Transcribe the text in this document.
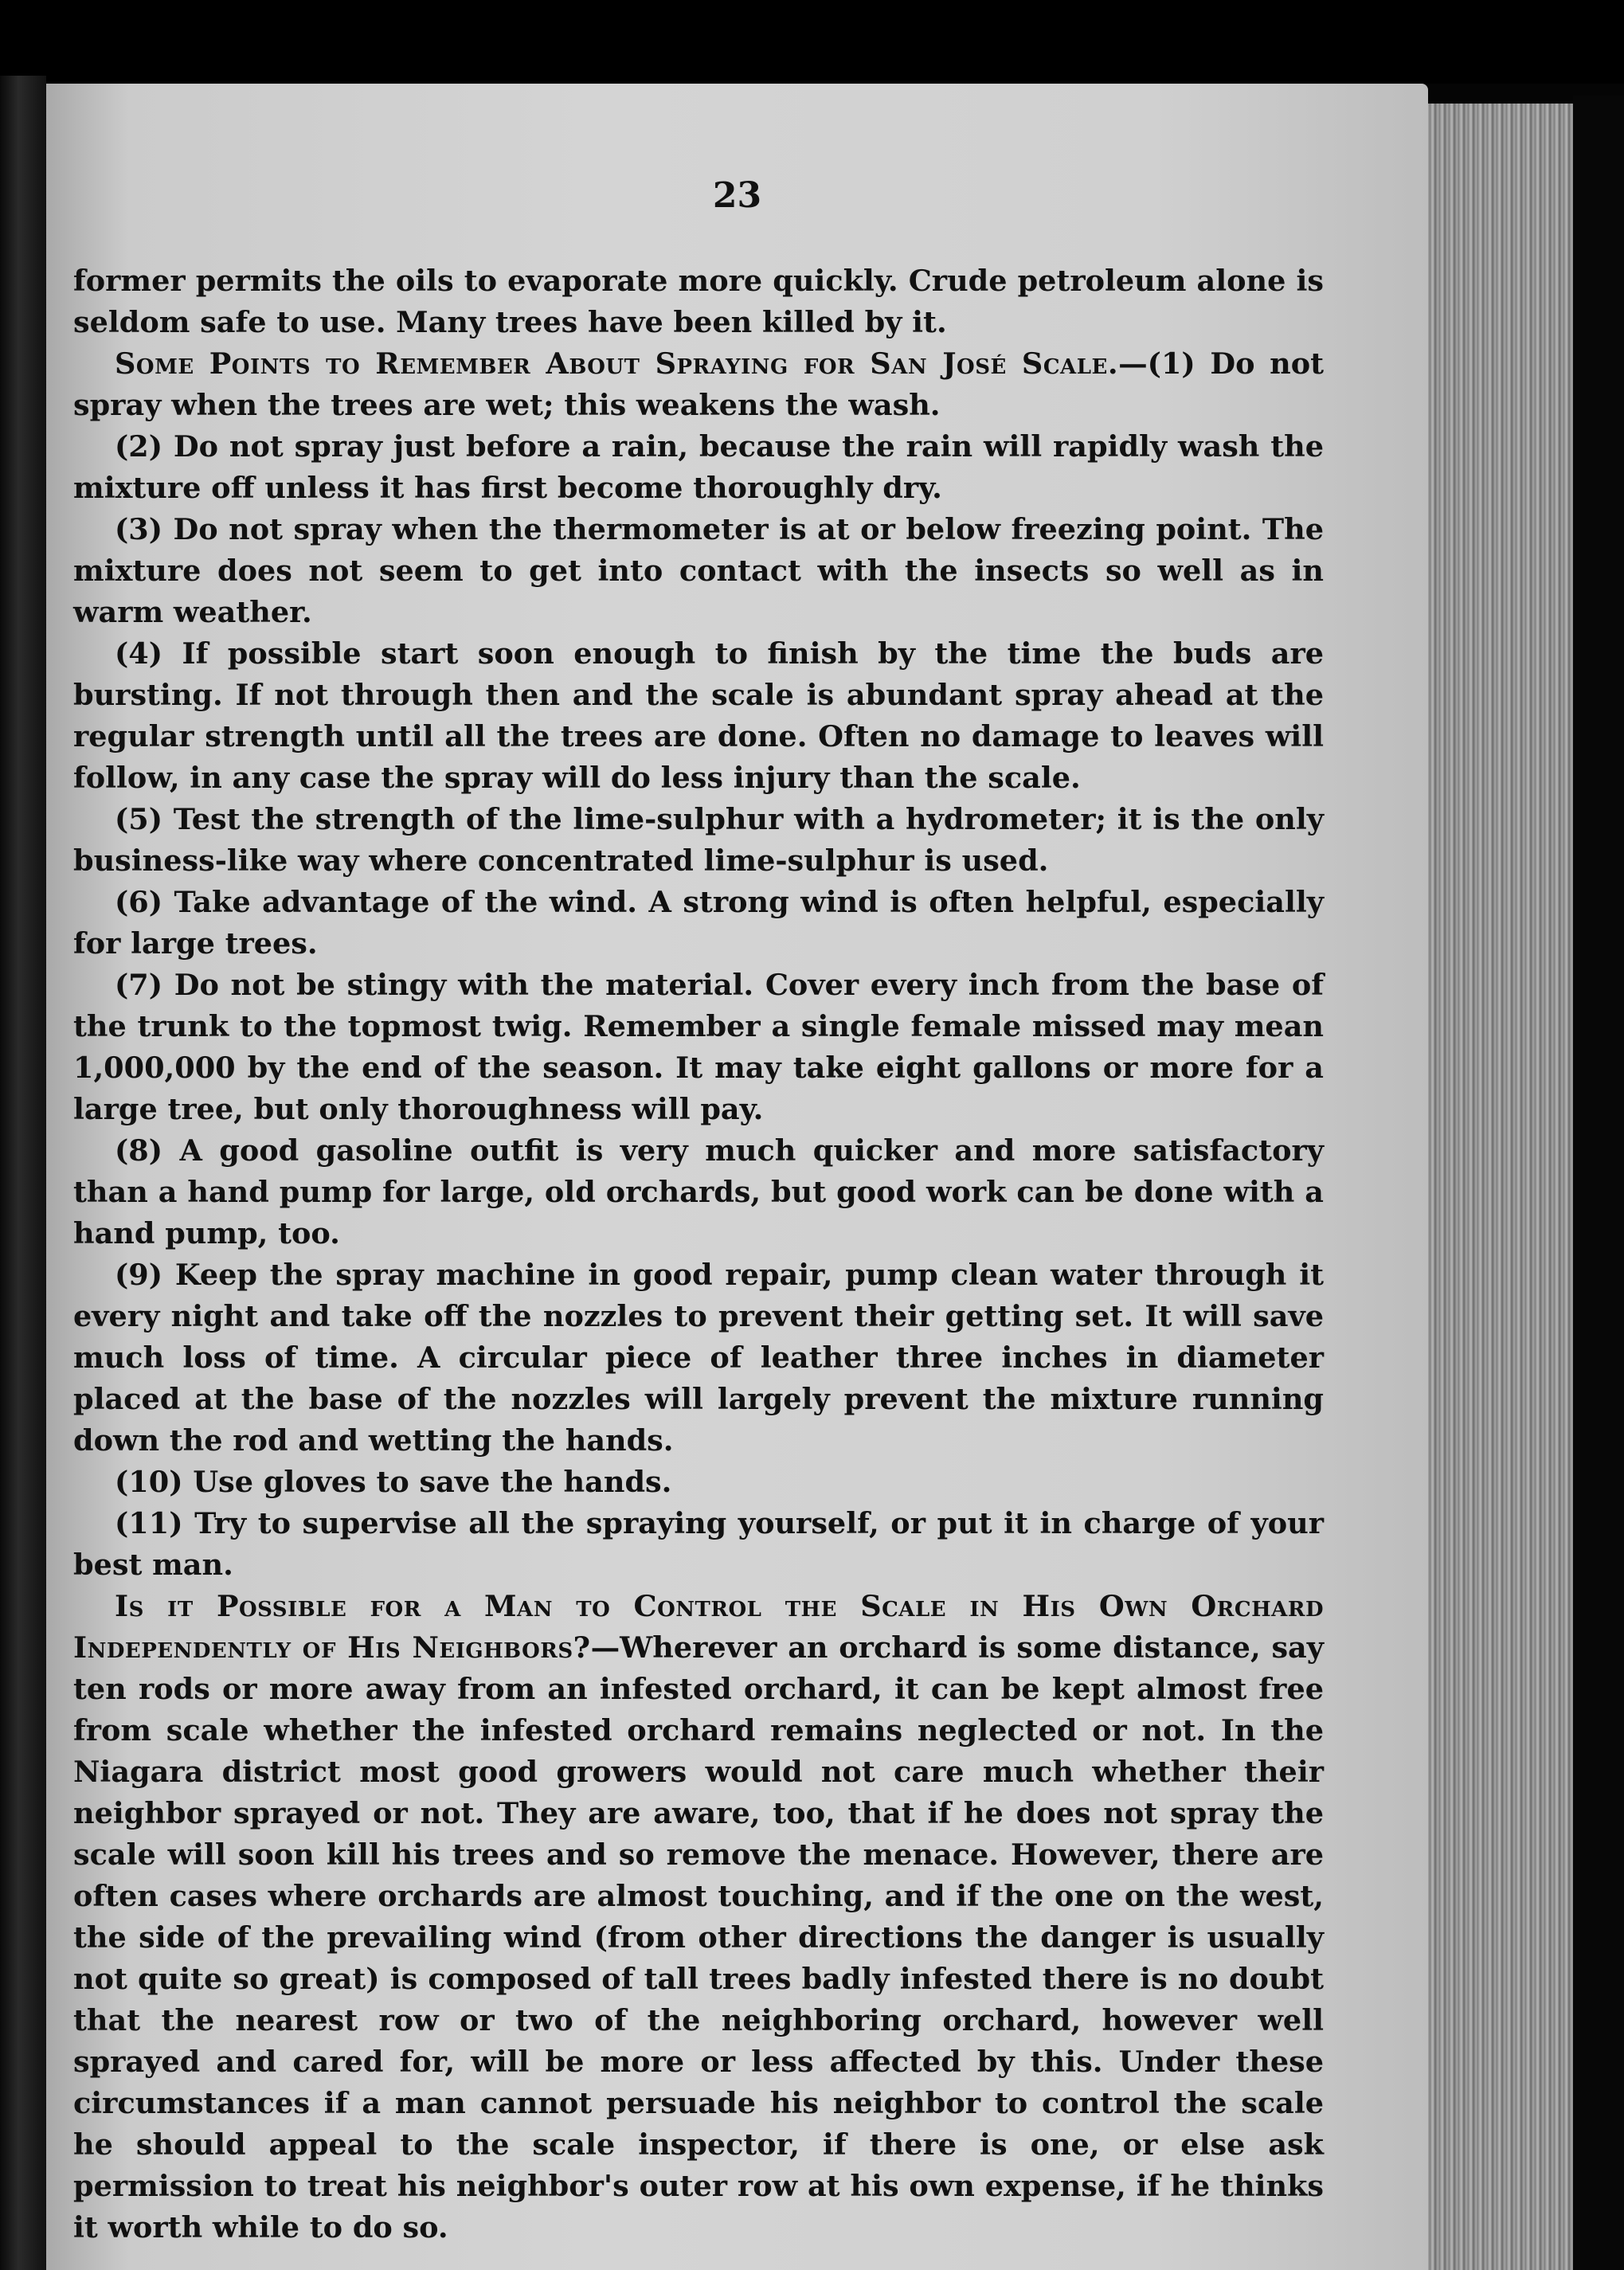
23

former permits the oils to evaporate more quickly. Crude petroleum alone is seldom safe to use. Many trees have been killed by it.

Some Points to Remember About Spraying for San José Scale.—(1) Do not spray when the trees are wet; this weakens the wash.

(2) Do not spray just before a rain, because the rain will rapidly wash the mixture off unless it has first become thoroughly dry.

(3) Do not spray when the thermometer is at or below freezing point. The mixture does not seem to get into contact with the insects so well as in warm weather.

(4) If possible start soon enough to finish by the time the buds are bursting. If not through then and the scale is abundant spray ahead at the regular strength until all the trees are done. Often no damage to leaves will follow, in any case the spray will do less injury than the scale.

(5) Test the strength of the lime-sulphur with a hydrometer; it is the only business-like way where concentrated lime-sulphur is used.

(6) Take advantage of the wind. A strong wind is often helpful, especially for large trees.

(7) Do not be stingy with the material. Cover every inch from the base of the trunk to the topmost twig. Remember a single female missed may mean 1,000,000 by the end of the season. It may take eight gallons or more for a large tree, but only thoroughness will pay.

(8) A good gasoline outfit is very much quicker and more satisfactory than a hand pump for large, old orchards, but good work can be done with a hand pump, too.

(9) Keep the spray machine in good repair, pump clean water through it every night and take off the nozzles to prevent their getting set. It will save much loss of time. A circular piece of leather three inches in diameter placed at the base of the nozzles will largely prevent the mixture running down the rod and wetting the hands.

(10) Use gloves to save the hands.

(11) Try to supervise all the spraying yourself, or put it in charge of your best man.

Is it Possible for a Man to Control the Scale in His Own Orchard Independently of His Neighbors?—Wherever an orchard is some distance, say ten rods or more away from an infested orchard, it can be kept almost free from scale whether the infested orchard remains neglected or not. In the Niagara district most good growers would not care much whether their neighbor sprayed or not. They are aware, too, that if he does not spray the scale will soon kill his trees and so remove the menace. However, there are often cases where orchards are almost touching, and if the one on the west, the side of the prevailing wind (from other directions the danger is usually not quite so great) is composed of tall trees badly infested there is no doubt that the nearest row or two of the neighboring orchard, however well sprayed and cared for, will be more or less affected by this. Under these circumstances if a man cannot persuade his neighbor to control the scale he should appeal to the scale inspector, if there is one, or else ask permission to treat his neighbor's outer row at his own expense, if he thinks it worth while to do so.
